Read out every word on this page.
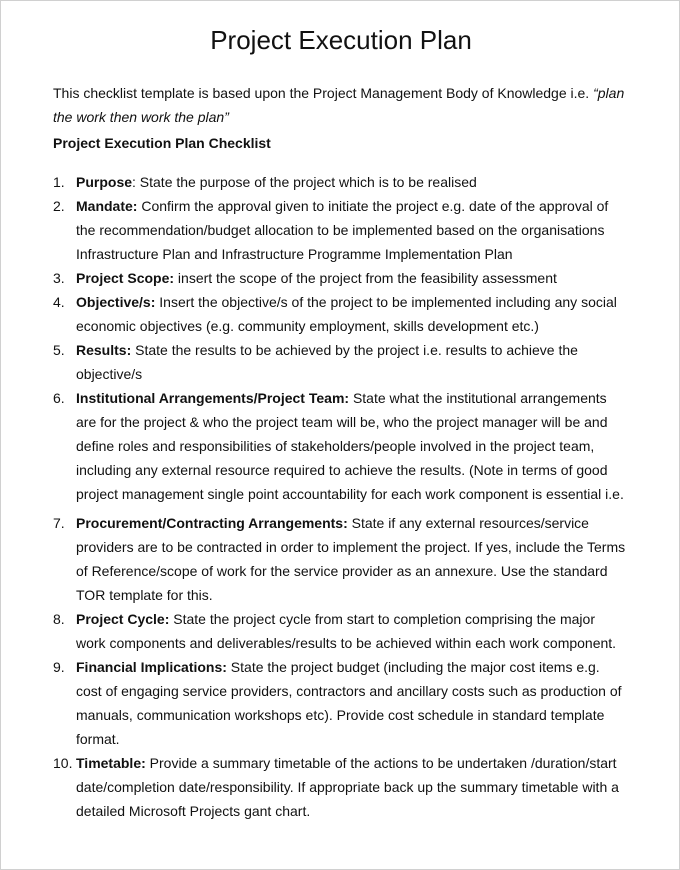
Project Execution Plan
This checklist template is based upon the Project Management Body of Knowledge i.e. “plan
the work then work the plan”
Project Execution Plan Checklist
1. Purpose: State the purpose of the project which is to be realised
2. Mandate: Confirm the approval given to initiate the project e.g. date of the approval of
the recommendation/budget allocation to be implemented based on the organisations
Infrastructure Plan and Infrastructure Programme Implementation Plan
3. Project Scope: insert the scope of the project from the feasibility assessment
4. Objective/s: Insert the objective/s of the project to be implemented including any social
economic objectives (e.g. community employment, skills development etc.)
5. Results: State the results to be achieved by the project i.e. results to achieve the
objective/s
6. Institutional Arrangements/Project Team: State what the institutional arrangements
are for the project & who the project team will be, who the project manager will be and
define roles and responsibilities of stakeholders/people involved in the project team,
including any external resource required to achieve the results. (Note in terms of good
project management single point accountability for each work component is essential i.e.
7. Procurement/Contracting Arrangements: State if any external resources/service
providers are to be contracted in order to implement the project. If yes, include the Terms
of Reference/scope of work for the service provider as an annexure. Use the standard
TOR template for this.
8. Project Cycle: State the project cycle from start to completion comprising the major
work components and deliverables/results to be achieved within each work component.
9. Financial Implications: State the project budget (including the major cost items e.g.
cost of engaging service providers, contractors and ancillary costs such as production of
manuals, communication workshops etc). Provide cost schedule in standard template
format.
10. Timetable: Provide a summary timetable of the actions to be undertaken /duration/start
date/completion date/responsibility. If appropriate back up the summary timetable with a
detailed Microsoft Projects gant chart.
